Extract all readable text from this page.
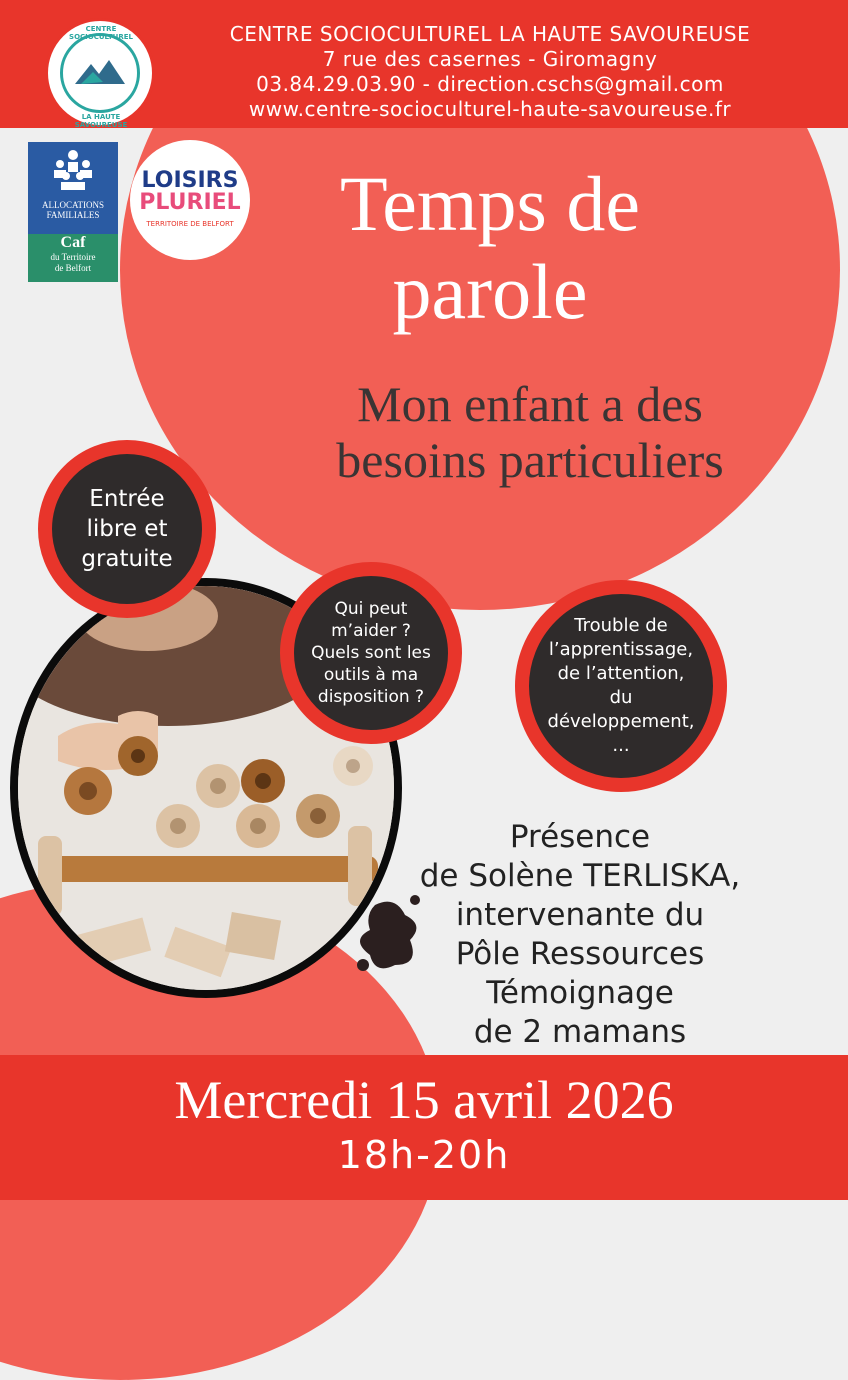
CENTRE SOCIOCULTUREL LA HAUTE SAVOUREUSE
7 rue des casernes - Giromagny
03.84.29.03.90 - direction.cschs@gmail.com
www.centre-socioculturel-haute-savoureuse.fr
CENTRE SOCIOCULTUREL
LA HAUTE SAVOUREUSE
ALLOCATIONS
FAMILIALES
Caf
du Territoire
de Belfort
LOISIRS
PLURIEL
TERRITOIRE DE BELFORT	Temps de
parole
Mon enfant a des
besoins particuliers
Entrée
libre et
gratuite
Qui peut
m’aider ?
Quels sont les
outils à ma
disposition ?
Trouble de
l’apprentissage,
de l’attention,
du
développement,
...
Présence
de Solène TERLISKA,
intervenante du
Pôle Ressources
Témoignage
de 2 mamans
Mercredi 15 avril 2026
18h-20h
